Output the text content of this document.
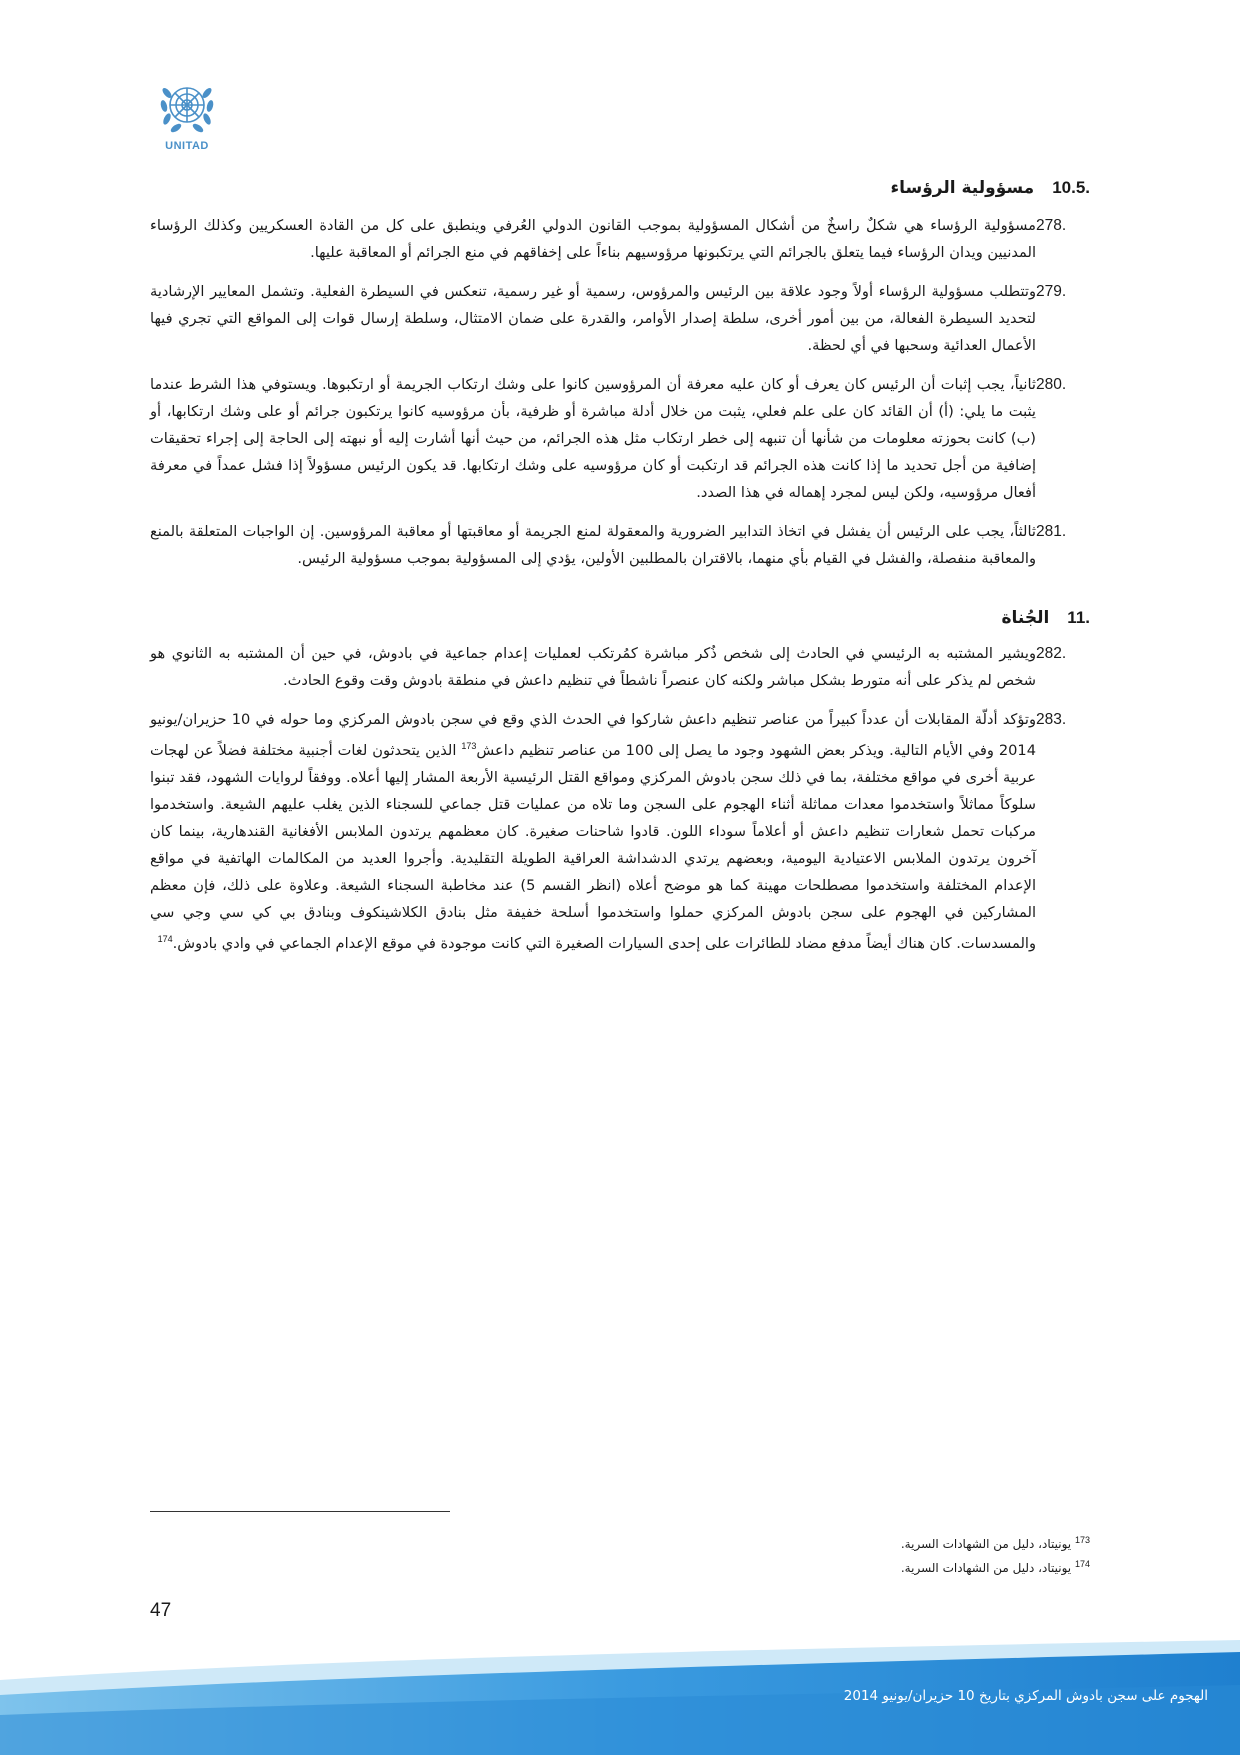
UNITAD
10.5.
مسؤولية الرؤساء
278.
مسؤولية الرؤساء هي شكلٌ راسخٌ من أشكال المسؤولية بموجب القانون الدولي العُرفي وينطبق على كل من القادة العسكريين وكذلك الرؤساء المدنيين ويدان الرؤساء فيما يتعلق بالجرائم التي يرتكبونها مرؤوسيهم بناءاً على إخفاقهم في منع الجرائم أو المعاقبة عليها.
279.
وتتطلب مسؤولية الرؤساء أولاً وجود علاقة بين الرئيس والمرؤوس، رسمية أو غير رسمية، تنعكس في السيطرة الفعلية. وتشمل المعايير الإرشادية لتحديد السيطرة الفعالة، من بين أمور أخرى، سلطة إصدار الأوامر، والقدرة على ضمان الامتثال، وسلطة إرسال قوات إلى المواقع التي تجري فيها الأعمال العدائية وسحبها في أي لحظة.
280.
ثانياً، يجب إثبات أن الرئيس كان يعرف أو كان عليه معرفة أن المرؤوسين كانوا على وشك ارتكاب الجريمة أو ارتكبوها. ويستوفي هذا الشرط عندما يثبت ما يلي: (أ) أن القائد كان على علم فعلي، يثبت من خلال أدلة مباشرة أو ظرفية، بأن مرؤوسيه كانوا يرتكبون جرائم أو على وشك ارتكابها، أو (ب) كانت بحوزته معلومات من شأنها أن تنبهه إلى خطر ارتكاب مثل هذه الجرائم، من حيث أنها أشارت إليه أو نبهته إلى الحاجة إلى إجراء تحقيقات إضافية من أجل تحديد ما إذا كانت هذه الجرائم قد ارتكبت أو كان مرؤوسيه على وشك ارتكابها. قد يكون الرئيس مسؤولاً إذا فشل عمداً في معرفة أفعال مرؤوسيه، ولكن ليس لمجرد إهماله في هذا الصدد.
281.
ثالثاً، يجب على الرئيس أن يفشل في اتخاذ التدابير الضرورية والمعقولة لمنع الجريمة أو معاقبتها أو معاقبة المرؤوسين. إن الواجبات المتعلقة بالمنع والمعاقبة منفصلة، والفشل في القيام بأي منهما، بالاقتران بالمطلبين الأولين، يؤدي إلى المسؤولية بموجب مسؤولية الرئيس.
11.
الجُناة
282.
ويشير المشتبه به الرئيسي في الحادث إلى شخص ذُكر مباشرة كمُرتكب لعمليات إعدام جماعية في بادوش، في حين أن المشتبه به الثانوي هو شخص لم يذكر على أنه متورط بشكل مباشر ولكنه كان عنصراً ناشطاً في تنظيم داعش في منطقة بادوش وقت وقوع الحادث.
283.
وتؤكد أدلّة المقابلات أن عدداً كبيراً من عناصر تنظيم داعش شاركوا في الحدث الذي وقع في سجن بادوش المركزي وما حوله في 10 حزيران/يونيو 2014 وفي الأيام التالية. ويذكر بعض الشهود وجود ما يصل إلى 100 من عناصر تنظيم داعش$^{173}$ الذين يتحدثون لغات أجنبية مختلفة فضلاً عن لهجات عربية أخرى في مواقع مختلفة، بما في ذلك سجن بادوش المركزي ومواقع القتل الرئيسية الأربعة المشار إليها أعلاه. ووفقاً لروايات الشهود، فقد تبنوا سلوكاً مماثلاً واستخدموا معدات مماثلة أثناء الهجوم على السجن وما تلاه من عمليات قتل جماعي للسجناء الذين يغلب عليهم الشيعة. واستخدموا مركبات تحمل شعارات تنظيم داعش أو أعلاماً سوداء اللون. قادوا شاحنات صغيرة. كان معظمهم يرتدون الملابس الأفغانية القندهارية، بينما كان آخرون يرتدون الملابس الاعتيادية اليومية، وبعضهم يرتدي الدشداشة العراقية الطويلة التقليدية. وأجروا العديد من المكالمات الهاتفية في مواقع الإعدام المختلفة واستخدموا مصطلحات مهينة كما هو موضح أعلاه (انظر القسم 5) عند مخاطبة السجناء الشيعة. وعلاوة على ذلك، فإن معظم المشاركين في الهجوم على سجن بادوش المركزي حملوا واستخدموا أسلحة خفيفة مثل بنادق الكلاشينكوف وبنادق بي كي سي وجي سي والمسدسات. كان هناك أيضاً مدفع مضاد للطائرات على إحدى السيارات الصغيرة التي كانت موجودة في موقع الإعدام الجماعي في وادي بادوش.$^{174}$
$^{173}$ يونيتاد، دليل من الشهادات السرية.
$^{174}$ يونيتاد، دليل من الشهادات السرية.
47
الهجوم على سجن بادوش المركزي بتاريخ 10 حزيران/يونيو 2014
